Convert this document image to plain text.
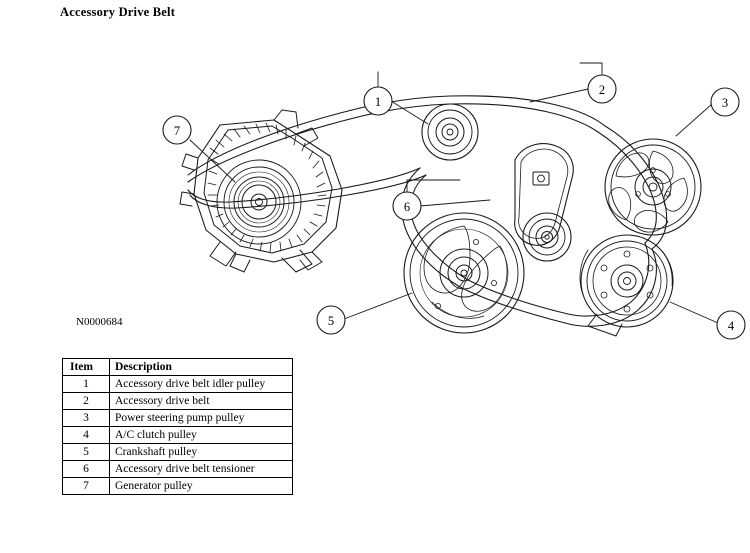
Accessory Drive Belt
1
2
3
4
5
6
7
N0000684
Item	Description
1	Accessory drive belt idler pulley
2	Accessory drive belt
3	Power steering pump pulley
4	A/C clutch pulley
5	Crankshaft pulley
6	Accessory drive belt tensioner
7	Generator pulley
